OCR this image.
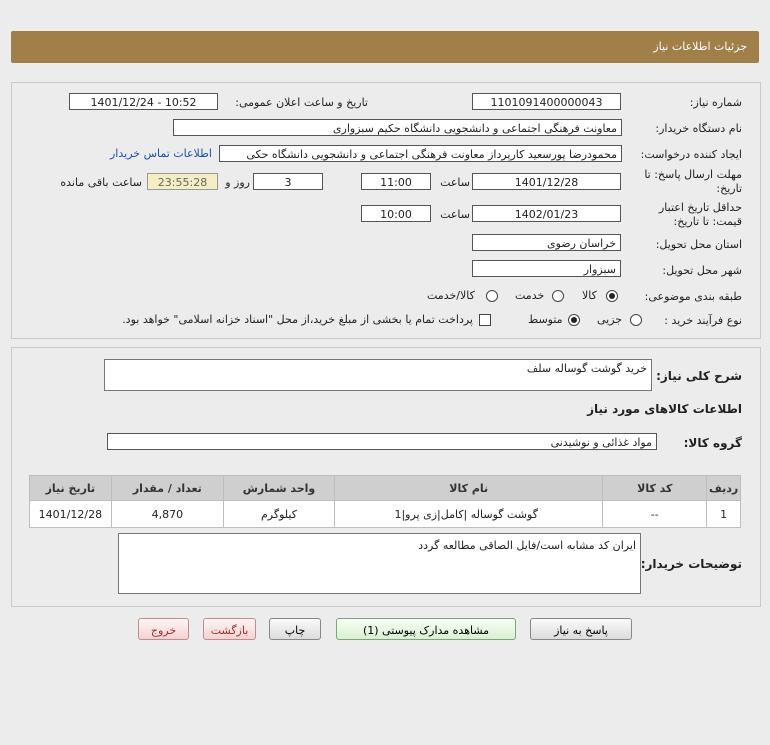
جزئیات اطلاعات نیاز
شماره نیاز:
1101091400000043
تاریخ و ساعت اعلان عمومی:
1401/12/24 - 10:52
نام دستگاه خریدار:
معاونت فرهنگی اجتماعی و دانشجویی دانشگاه حکیم سبزواری
ایجاد کننده درخواست:
محمودرضا پورسعید کارپرداز معاونت فرهنگی اجتماعی و دانشجویی دانشگاه حکی
اطلاعات تماس خریدار
مهلت ارسال پاسخ: تا
تاریخ:
1401/12/28
ساعت
11:00
3
روز و
23:55:28
ساعت باقی مانده
حداقل تاریخ اعتبار
قیمت: تا تاریخ:
1402/01/23
ساعت
10:00
استان محل تحویل:
خراسان رضوی
شهر محل تحویل:
سبزوار
طبقه بندی موضوعی:
کالا
خدمت
کالا/خدمت
نوع فرآیند خرید :
جزیی
متوسط
پرداخت تمام یا بخشی از مبلغ خرید،از محل "اسناد خزانه اسلامی" خواهد بود.
شرح کلی نیاز:
خرید گوشت گوساله سلف
اطلاعات کالاهای مورد نیاز
گروه کالا:
مواد غذائی و نوشیدنی
تاریخ نیاز	تعداد / مقدار	واحد شمارش	نام کالا	کد کالا	ردیف
1401/12/28	4,870	کیلوگرم	گوشت گوساله |کامل|زی پرو|1	--	1
توضیحات خریدار:
ایران کد مشابه است/فایل الصاقی مطالعه گردد
پاسخ به نیاز
مشاهده مدارک پیوستی (1)
چاپ
بازگشت
خروج
